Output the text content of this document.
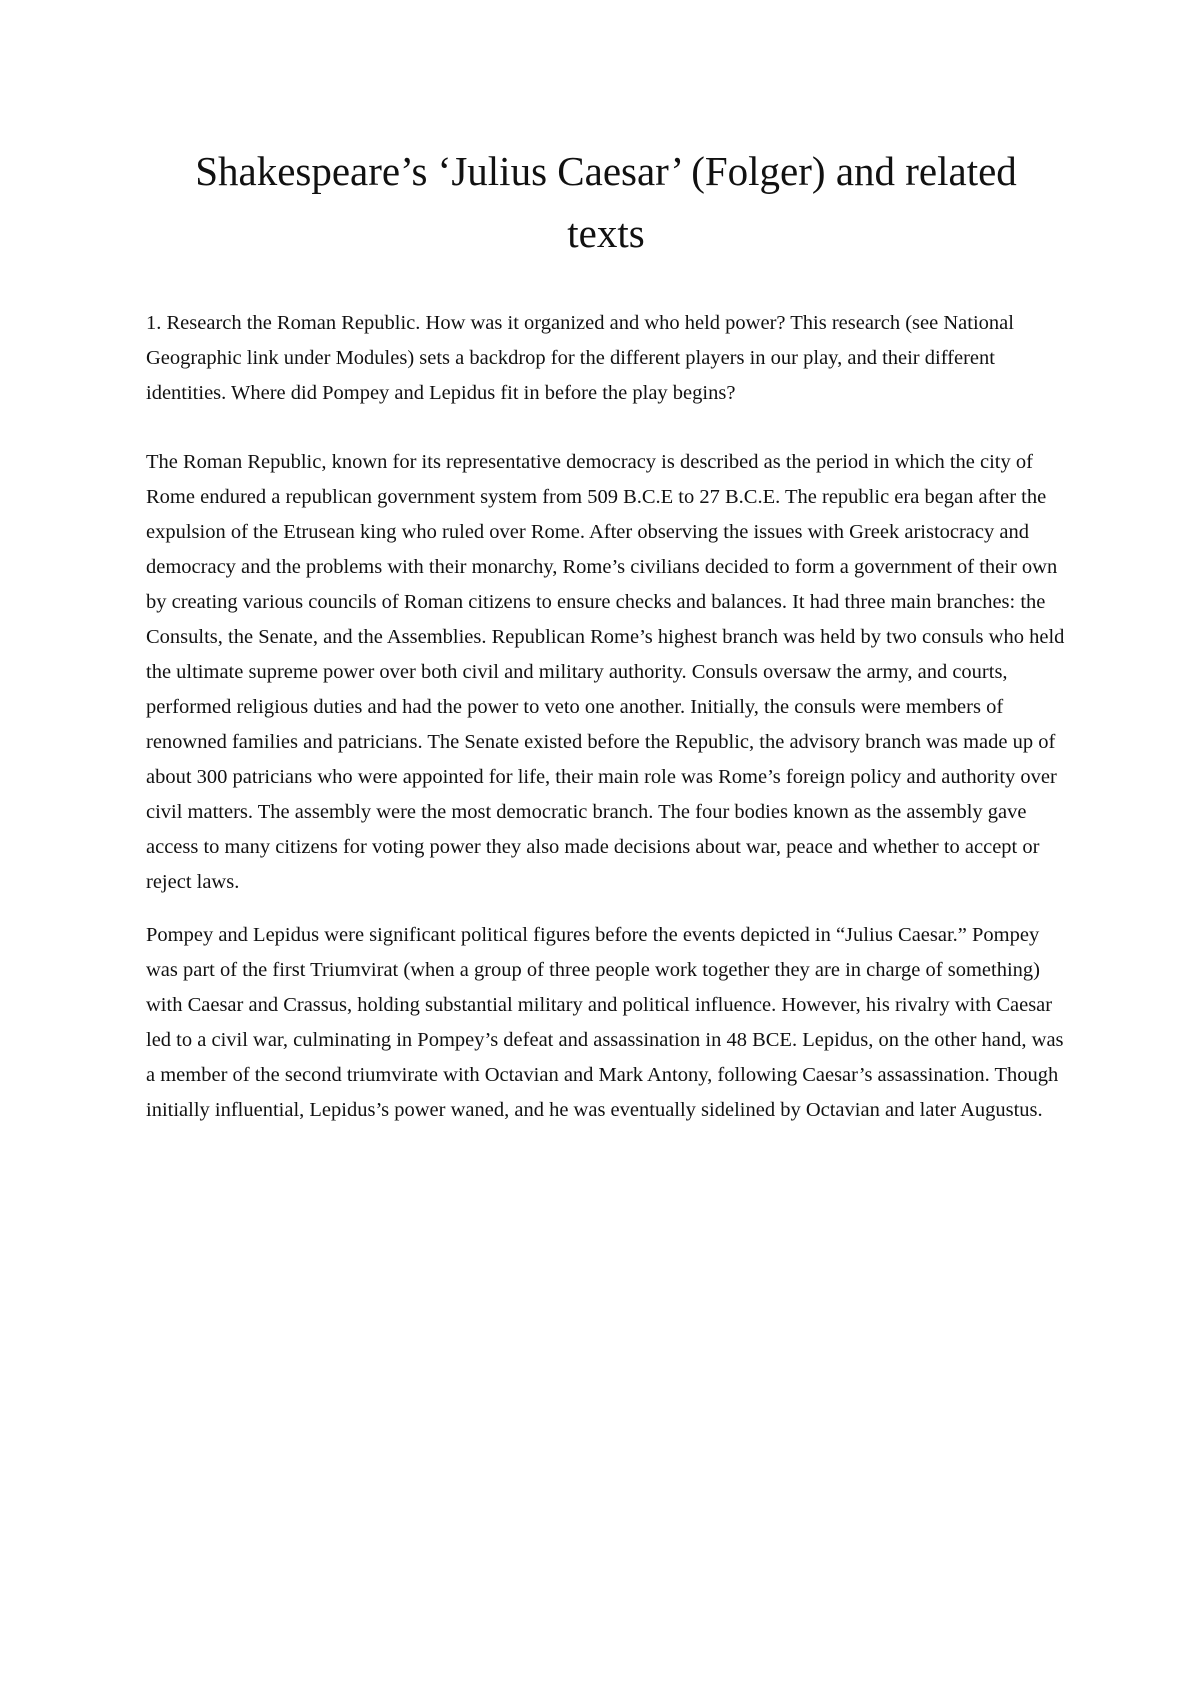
Shakespeare’s ‘Julius Caesar’ (Folger) and related texts

1. Research the Roman Republic. How was it organized and who held power? This research (see National Geographic link under Modules) sets a backdrop for the different players in our play, and their different identities. Where did Pompey and Lepidus fit in before the play begins?

The Roman Republic, known for its representative democracy is described as the period in which the city of Rome endured a republican government system from 509 B.C.E to 27 B.C.E. The republic era began after the expulsion of the Etrusean king who ruled over Rome. After observing the issues with Greek aristocracy and democracy and the problems with their monarchy, Rome’s civilians decided to form a government of their own by creating various councils of Roman citizens to ensure checks and balances. It had three main branches: the Consults, the Senate, and the Assemblies. Republican Rome’s highest branch was held by two consuls who held the ultimate supreme power over both civil and military authority. Consuls oversaw the army, and courts, performed religious duties and had the power to veto one another. Initially, the consuls were members of renowned families and patricians. The Senate existed before the Republic, the advisory branch was made up of about 300 patricians who were appointed for life, their main role was Rome’s foreign policy and authority over civil matters. The assembly were the most democratic branch. The four bodies known as the assembly gave access to many citizens for voting power they also made decisions about war, peace and whether to accept or reject laws.

Pompey and Lepidus were significant political figures before the events depicted in “Julius Caesar.” Pompey was part of the first Triumvirat (when a group of three people work together they are in charge of something) with Caesar and Crassus, holding substantial military and political influence. However, his rivalry with Caesar led to a civil war, culminating in Pompey’s defeat and assassination in 48 BCE. Lepidus, on the other hand, was a member of the second triumvirate with Octavian and Mark Antony, following Caesar’s assassination. Though initially influential, Lepidus’s power waned, and he was eventually sidelined by Octavian and later Augustus.
